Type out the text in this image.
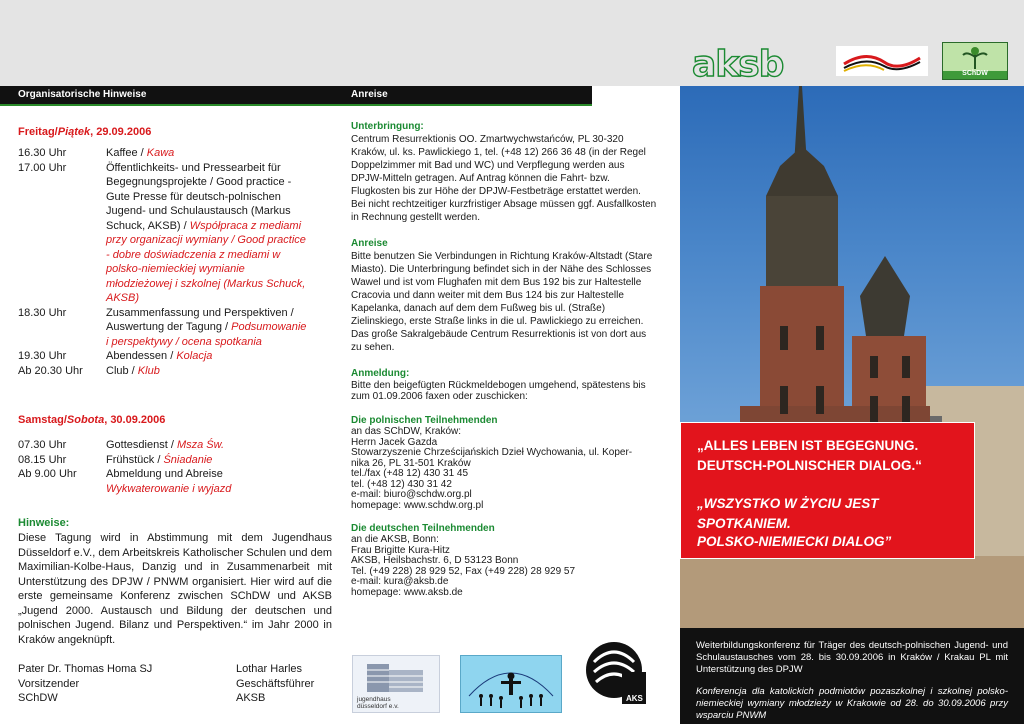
aksb	SChDW
Organisatorische Hinweise	Anreise
Freitag/Piątek, 29.09.2006
16.30 Uhr	Kaffee / Kawa
17.00 Uhr	Öffentlichkeits- und Pressearbeit für Begegnungsprojekte / Good practice - Gute Presse für deutsch-polnischen Jugend- und Schulaustausch (Markus Schuck, AKSB) / Współpraca z mediami przy organizacji wymiany / Good practice - dobre doświadczenia z mediami w polsko-niemieckiej wymianie młodzieżowej i szkolnej (Markus Schuck, AKSB)
18.30 Uhr	Zusammenfassung und Perspektiven / Auswertung der Tagung / Podsumowanie i perspektywy / ocena spotkania
19.30 Uhr	Abendessen / Kolacja
Ab 20.30 Uhr	Club / Klub
Samstag/Sobota, 30.09.2006
07.30 Uhr	Gottesdienst / Msza Św.
08.15 Uhr	Frühstück / Śniadanie
Ab 9.00 Uhr	Abmeldung und Abreise
Wykwaterowanie i wyjazd
Hinweise:
Diese Tagung wird in Abstimmung mit dem Jugendhaus Düsseldorf e.V., dem Arbeitskreis Katholischer Schulen und dem Maximilian-Kolbe-Haus, Danzig und in Zusammenarbeit mit Unterstützung des DPJW / PNWM organisiert. Hier wird auf die erste gemeinsame Konferenz zwischen SChDW und AKSB „Jugend 2000. Austausch und Bildung der deutschen und polnischen Jugend. Bilanz und Perspektiven.“ im Jahr 2000 in Kraków angeknüpft.
Pater Dr. Thomas Homa SJ
Vorsitzender
SChDW
Lothar Harles
Geschäftsführer
AKSB
Unterbringung:
Centrum Resurrektionis OO. Zmartwychwstańców, PL 30-320 Kraków, ul. ks. Pawlickiego 1, tel. (+48 12) 266 36 48 (in der Regel Doppelzimmer mit Bad und WC) und Verpflegung werden aus DPJW-Mitteln getragen. Auf Antrag können die Fahrt- bzw. Flugkosten bis zur Höhe der DPJW-Festbeträge erstattet werden. Bei nicht rechtzeitiger kurzfristiger Absage müssen ggf. Ausfallkosten in Rechnung gestellt werden.
Anreise
Bitte benutzen Sie Verbindungen in Richtung Kraków-Altstadt (Stare Miasto). Die Unterbringung befindet sich in der Nähe des Schlosses Wawel und ist vom Flughafen mit dem Bus 192 bis zur Haltestelle Cracovia und dann weiter mit dem Bus 124 bis zur Haltestelle Kapelanka, danach auf dem dem Fußweg bis ul. (Straße) Zielinskiego, erste Straße links in die ul. Pawlickiego zu erreichen. Das große Sakralgebäude Centrum Resurrektionis ist von dort aus zu sehen.
Anmeldung:
Bitte den beigefügten Rückmeldebogen umgehend, spätestens bis zum 01.09.2006 faxen oder zuschicken:
Die polnischen Teilnehmenden
an das SChDW, Kraków:
Herrn Jacek Gazda
Stowarzyszenie Chrześcijańskich Dzieł Wychowania, ul. Koper-
nika 26, PL 31-501 Kraków
tel./fax (+48 12) 430 31 45
tel. (+48 12) 430 31 42
e-mail: biuro@schdw.org.pl
homepage: www.schdw.org.pl
Die deutschen Teilnehmenden
an die AKSB, Bonn:
Frau Brigitte Kura-Hitz
AKSB, Heilsbachstr. 6, D 53123 Bonn
Tel. (+49 228) 28 929 52, Fax (+49 228) 28 929 57
e-mail: kura@aksb.de
homepage: www.aksb.de
jugendhaus düsseldorf e.v.
AKS
„ALLES LEBEN IST BEGEGNUNG.
DEUTSCH-POLNISCHER DIALOG.“
„WSZYSTKO W ŻYCIU JEST
SPOTKANIEM.
POLSKO-NIEMIECKI DIALOG”
Weiterbildungskonferenz für Träger des deutsch-polnischen Jugend- und Schulaustausches vom 28. bis 30.09.2006 in Kraków / Krakau PL mit Unterstützung des DPJW
Konferencja dla katolickich podmiotów pozaszkolnej i szkolnej polsko- niemieckiej wymiany młodzieży w Krakowie od 28. do 30.09.2006 przy wsparciu PNWM
